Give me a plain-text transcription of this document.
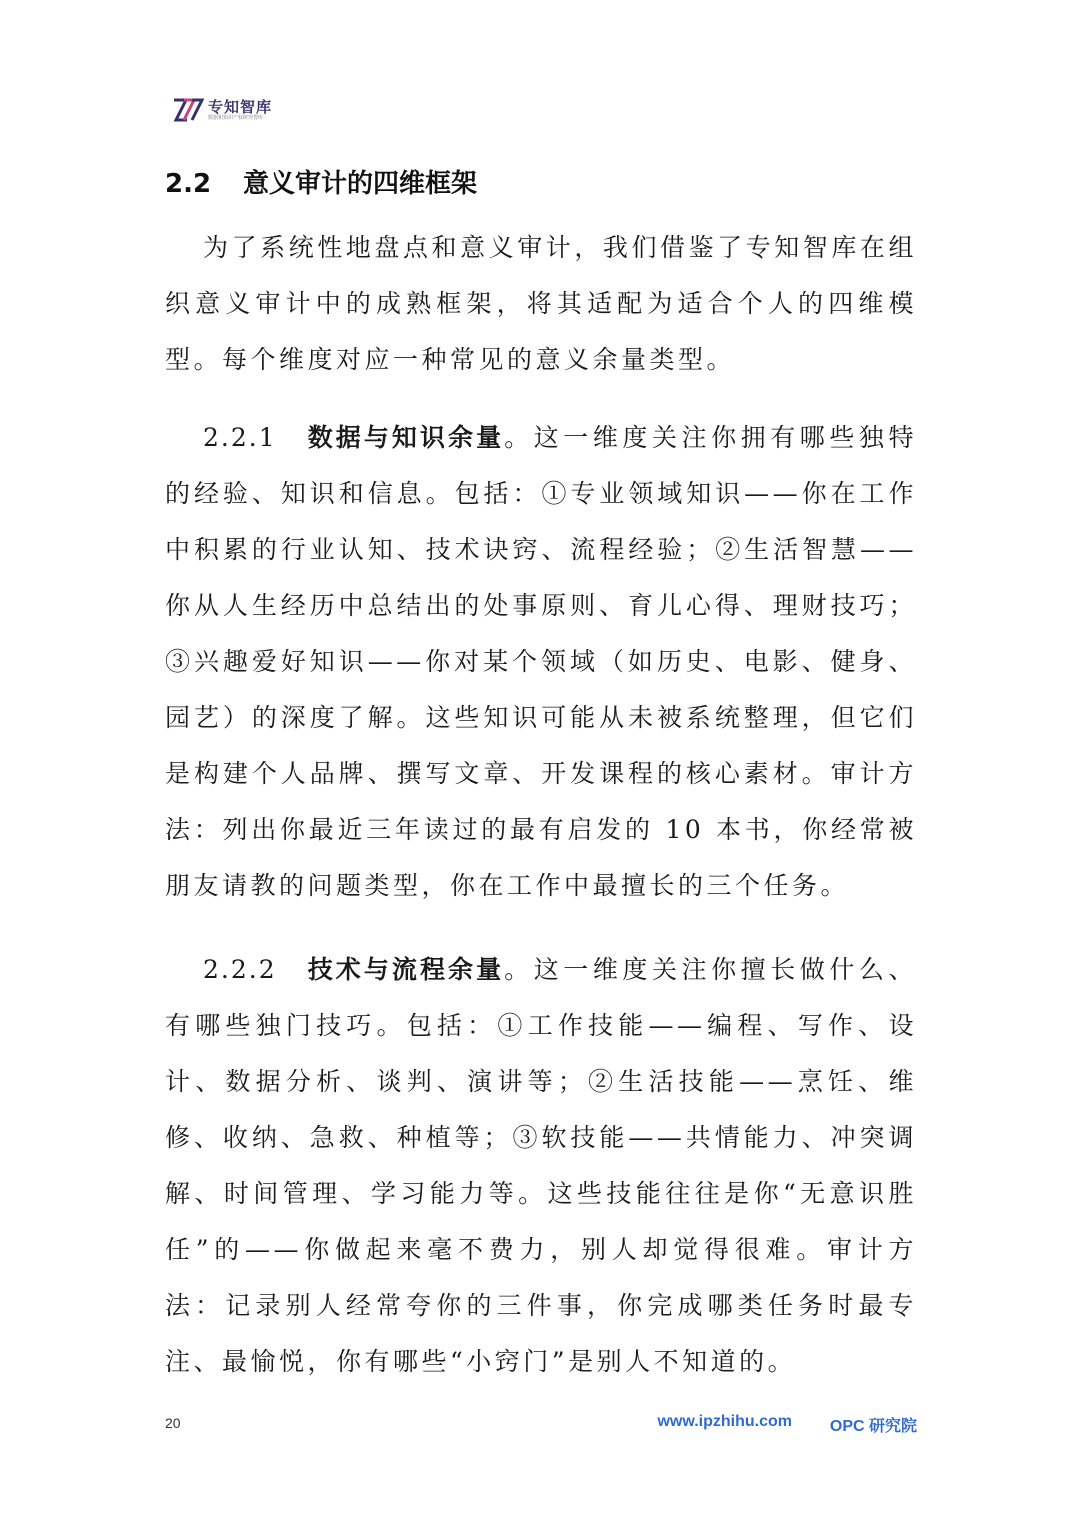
专知智库
数据和知识产权研究智库
2.2 意义审计的四维框架

为了系统性地盘点和意义审计，我们借鉴了专知智库在组织意义审计中的成熟框架，将其适配为适合个人的四维模型。每个维度对应一种常见的意义余量类型。

2.2.1 数据与知识余量。这一维度关注你拥有哪些独特的经验、知识和信息。包括：①专业领域知识——你在工作中积累的行业认知、技术诀窍、流程经验；②生活智慧——你从人生经历中总结出的处事原则、育儿心得、理财技巧；③兴趣爱好知识——你对某个领域（如历史、电影、健身、园艺）的深度了解。这些知识可能从未被系统整理，但它们是构建个人品牌、撰写文章、开发课程的核心素材。审计方法：列出你最近三年读过的最有启发的 10 本书，你经常被朋友请教的问题类型，你在工作中最擅长的三个任务。

2.2.2 技术与流程余量。这一维度关注你擅长做什么、有哪些独门技巧。包括：①工作技能——编程、写作、设计、数据分析、谈判、演讲等；②生活技能——烹饪、维修、收纳、急救、种植等；③软技能——共情能力、冲突调解、时间管理、学习能力等。这些技能往往是你“无意识胜任”的——你做起来毫不费力，别人却觉得很难。审计方法：记录别人经常夸你的三件事，你完成哪类任务时最专注、最愉悦，你有哪些“小窍门”是别人不知道的。

20	www.ipzhihu.com OPC 研究院
